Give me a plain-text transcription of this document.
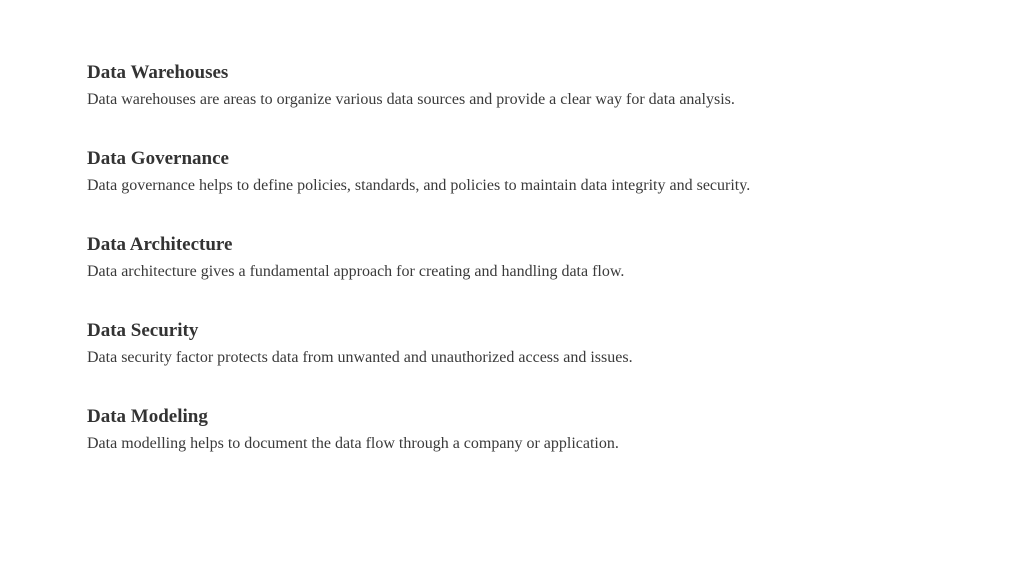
Data Warehouses

Data warehouses are areas to organize various data sources and provide a clear way for data analysis.

Data Governance

Data governance helps to define policies, standards, and policies to maintain data integrity and security.

Data Architecture

Data architecture gives a fundamental approach for creating and handling data flow.

Data Security

Data security factor protects data from unwanted and unauthorized access and issues.

Data Modeling

Data modelling helps to document the data flow through a company or application.
